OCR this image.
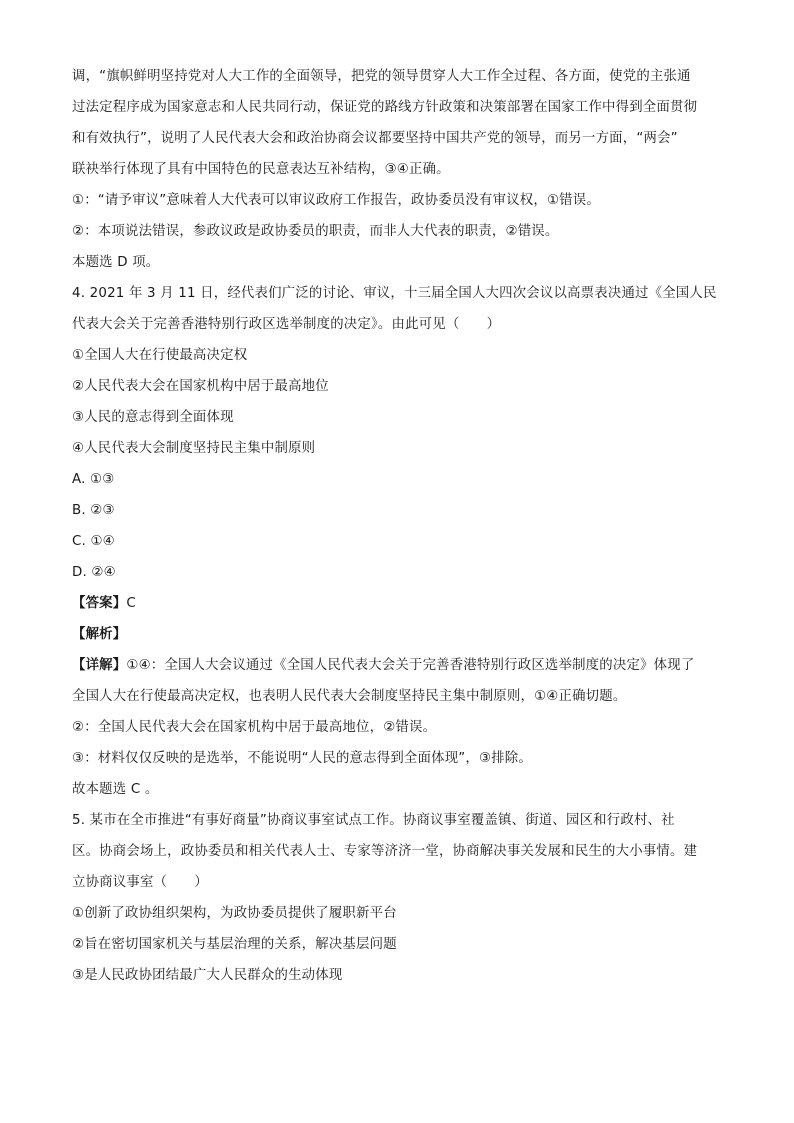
调，“旗帜鲜明坚持党对人大工作的全面领导，把党的领导贯穿人大工作全过程、各方面，使党的主张通
过法定程序成为国家意志和人民共同行动，保证党的路线方针政策和决策部署在国家工作中得到全面贯彻
和有效执行”，说明了人民代表大会和政治协商会议都要坚持中国共产党的领导，而另一方面，“两会”
联袂举行体现了具有中国特色的民意表达互补结构，③④正确。
①：“请予审议”意味着人大代表可以审议政府工作报告，政协委员没有审议权，①错误。
②：本项说法错误，参政议政是政协委员的职责，而非人大代表的职责，②错误。
本题选 D 项。
4. 2021 年 3 月 11 日，经代表们广泛的讨论、审议，十三届全国人大四次会议以高票表决通过《全国人民
代表大会关于完善香港特别行政区选举制度的决定》。由此可见（　　）
①全国人大在行使最高决定权
②人民代表大会在国家机构中居于最高地位
③人民的意志得到全面体现
④人民代表大会制度坚持民主集中制原则
A. ①③
B. ②③
C. ①④
D. ②④
【答案】C
【解析】
【详解】①④：全国人大会议通过《全国人民代表大会关于完善香港特别行政区选举制度的决定》体现了
全国人大在行使最高决定权，也表明人民代表大会制度坚持民主集中制原则，①④正确切题。
②：全国人民代表大会在国家机构中居于最高地位，②错误。
③：材料仅仅反映的是选举，不能说明“人民的意志得到全面体现”，③排除。
故本题选 C 。
5. 某市在全市推进“有事好商量”协商议事室试点工作。协商议事室覆盖镇、街道、园区和行政村、社
区。协商会场上，政协委员和相关代表人士、专家等济济一堂，协商解决事关发展和民生的大小事情。建
立协商议事室（　　）
①创新了政协组织架构，为政协委员提供了履职新平台
②旨在密切国家机关与基层治理的关系，解决基层问题
③是人民政协团结最广大人民群众的生动体现
